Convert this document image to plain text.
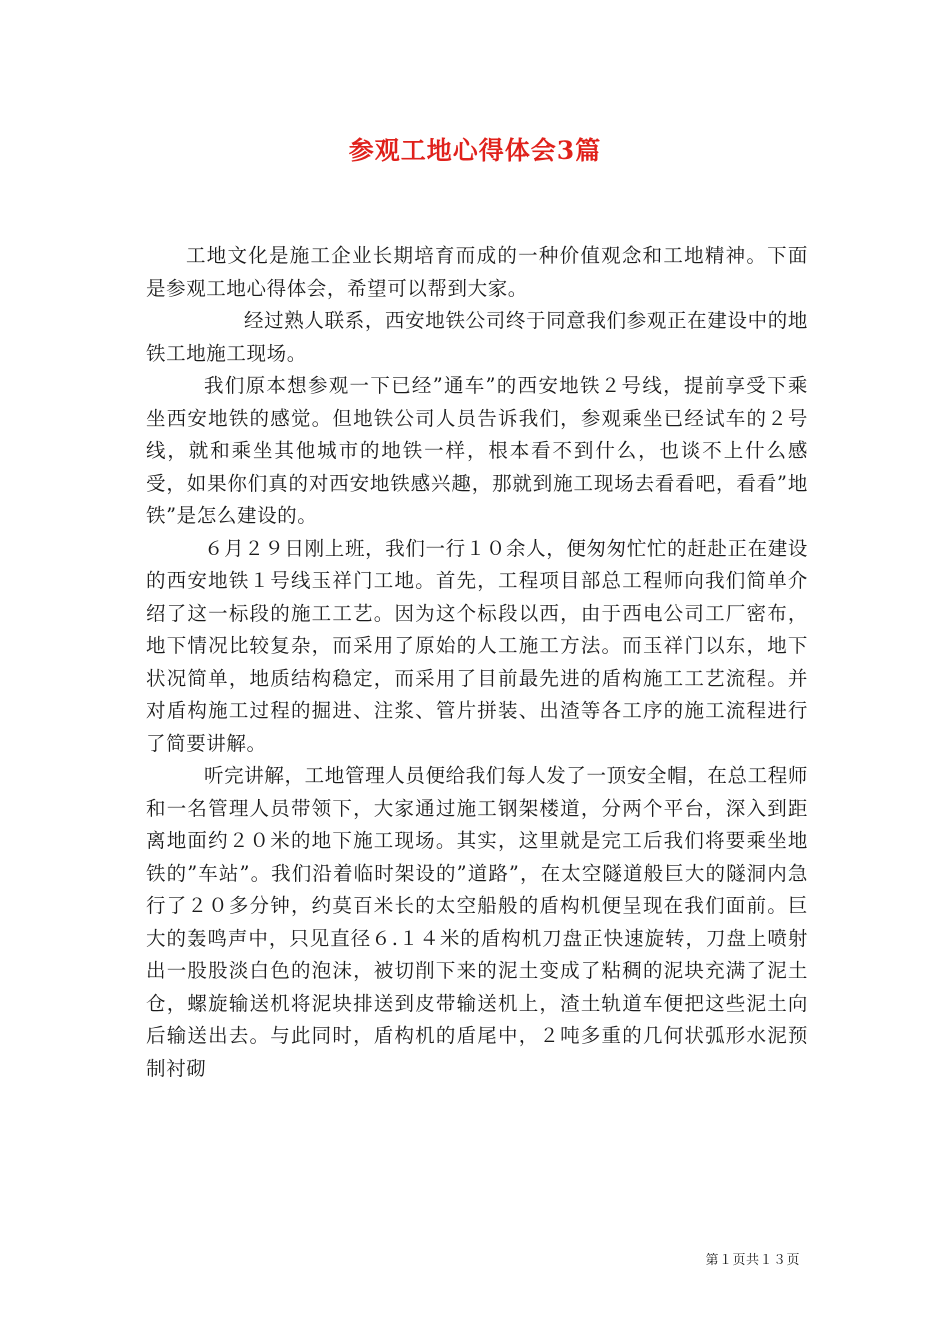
参观工地心得体会3篇

工地文化是施工企业长期培育而成的一种价值观念和工地精神。下面是参观工地心得体会，希望可以帮到大家。

经过熟人联系，西安地铁公司终于同意我们参观正在建设中的地铁工地施工现场。

我们原本想参观一下已经”通车”的西安地铁２号线，提前享受下乘坐西安地铁的感觉。但地铁公司人员告诉我们，参观乘坐已经试车的２号线，就和乘坐其他城市的地铁一样，根本看不到什么，也谈不上什么感受，如果你们真的对西安地铁感兴趣，那就到施工现场去看看吧，看看”地铁”是怎么建设的。

６月２９日刚上班，我们一行１０余人，便匆匆忙忙的赶赴正在建设的西安地铁１号线玉祥门工地。首先，工程项目部总工程师向我们简单介绍了这一标段的施工工艺。因为这个标段以西，由于西电公司工厂密布，地下情况比较复杂，而采用了原始的人工施工方法。而玉祥门以东，地下状况简单，地质结构稳定，而采用了目前最先进的盾构施工工艺流程。并对盾构施工过程的掘进、注浆、管片拼装、出渣等各工序的施工流程进行了简要讲解。

听完讲解，工地管理人员便给我们每人发了一顶安全帽，在总工程师和一名管理人员带领下，大家通过施工钢架楼道，分两个平台，深入到距离地面约２０米的地下施工现场。其实，这里就是完工后我们将要乘坐地铁的”车站”。我们沿着临时架设的”道路”，在太空隧道般巨大的隧洞内急行了２０多分钟，约莫百米长的太空船般的盾构机便呈现在我们面前。巨大的轰鸣声中，只见直径６.１４米的盾构机刀盘正快速旋转，刀盘上喷射出一股股淡白色的泡沫，被切削下来的泥土变成了粘稠的泥块充满了泥土仓，螺旋输送机将泥块排送到皮带输送机上，渣土轨道车便把这些泥土向后输送出去。与此同时，盾构机的盾尾中，２吨多重的几何状弧形水泥预制衬砌

第１页共１３页
